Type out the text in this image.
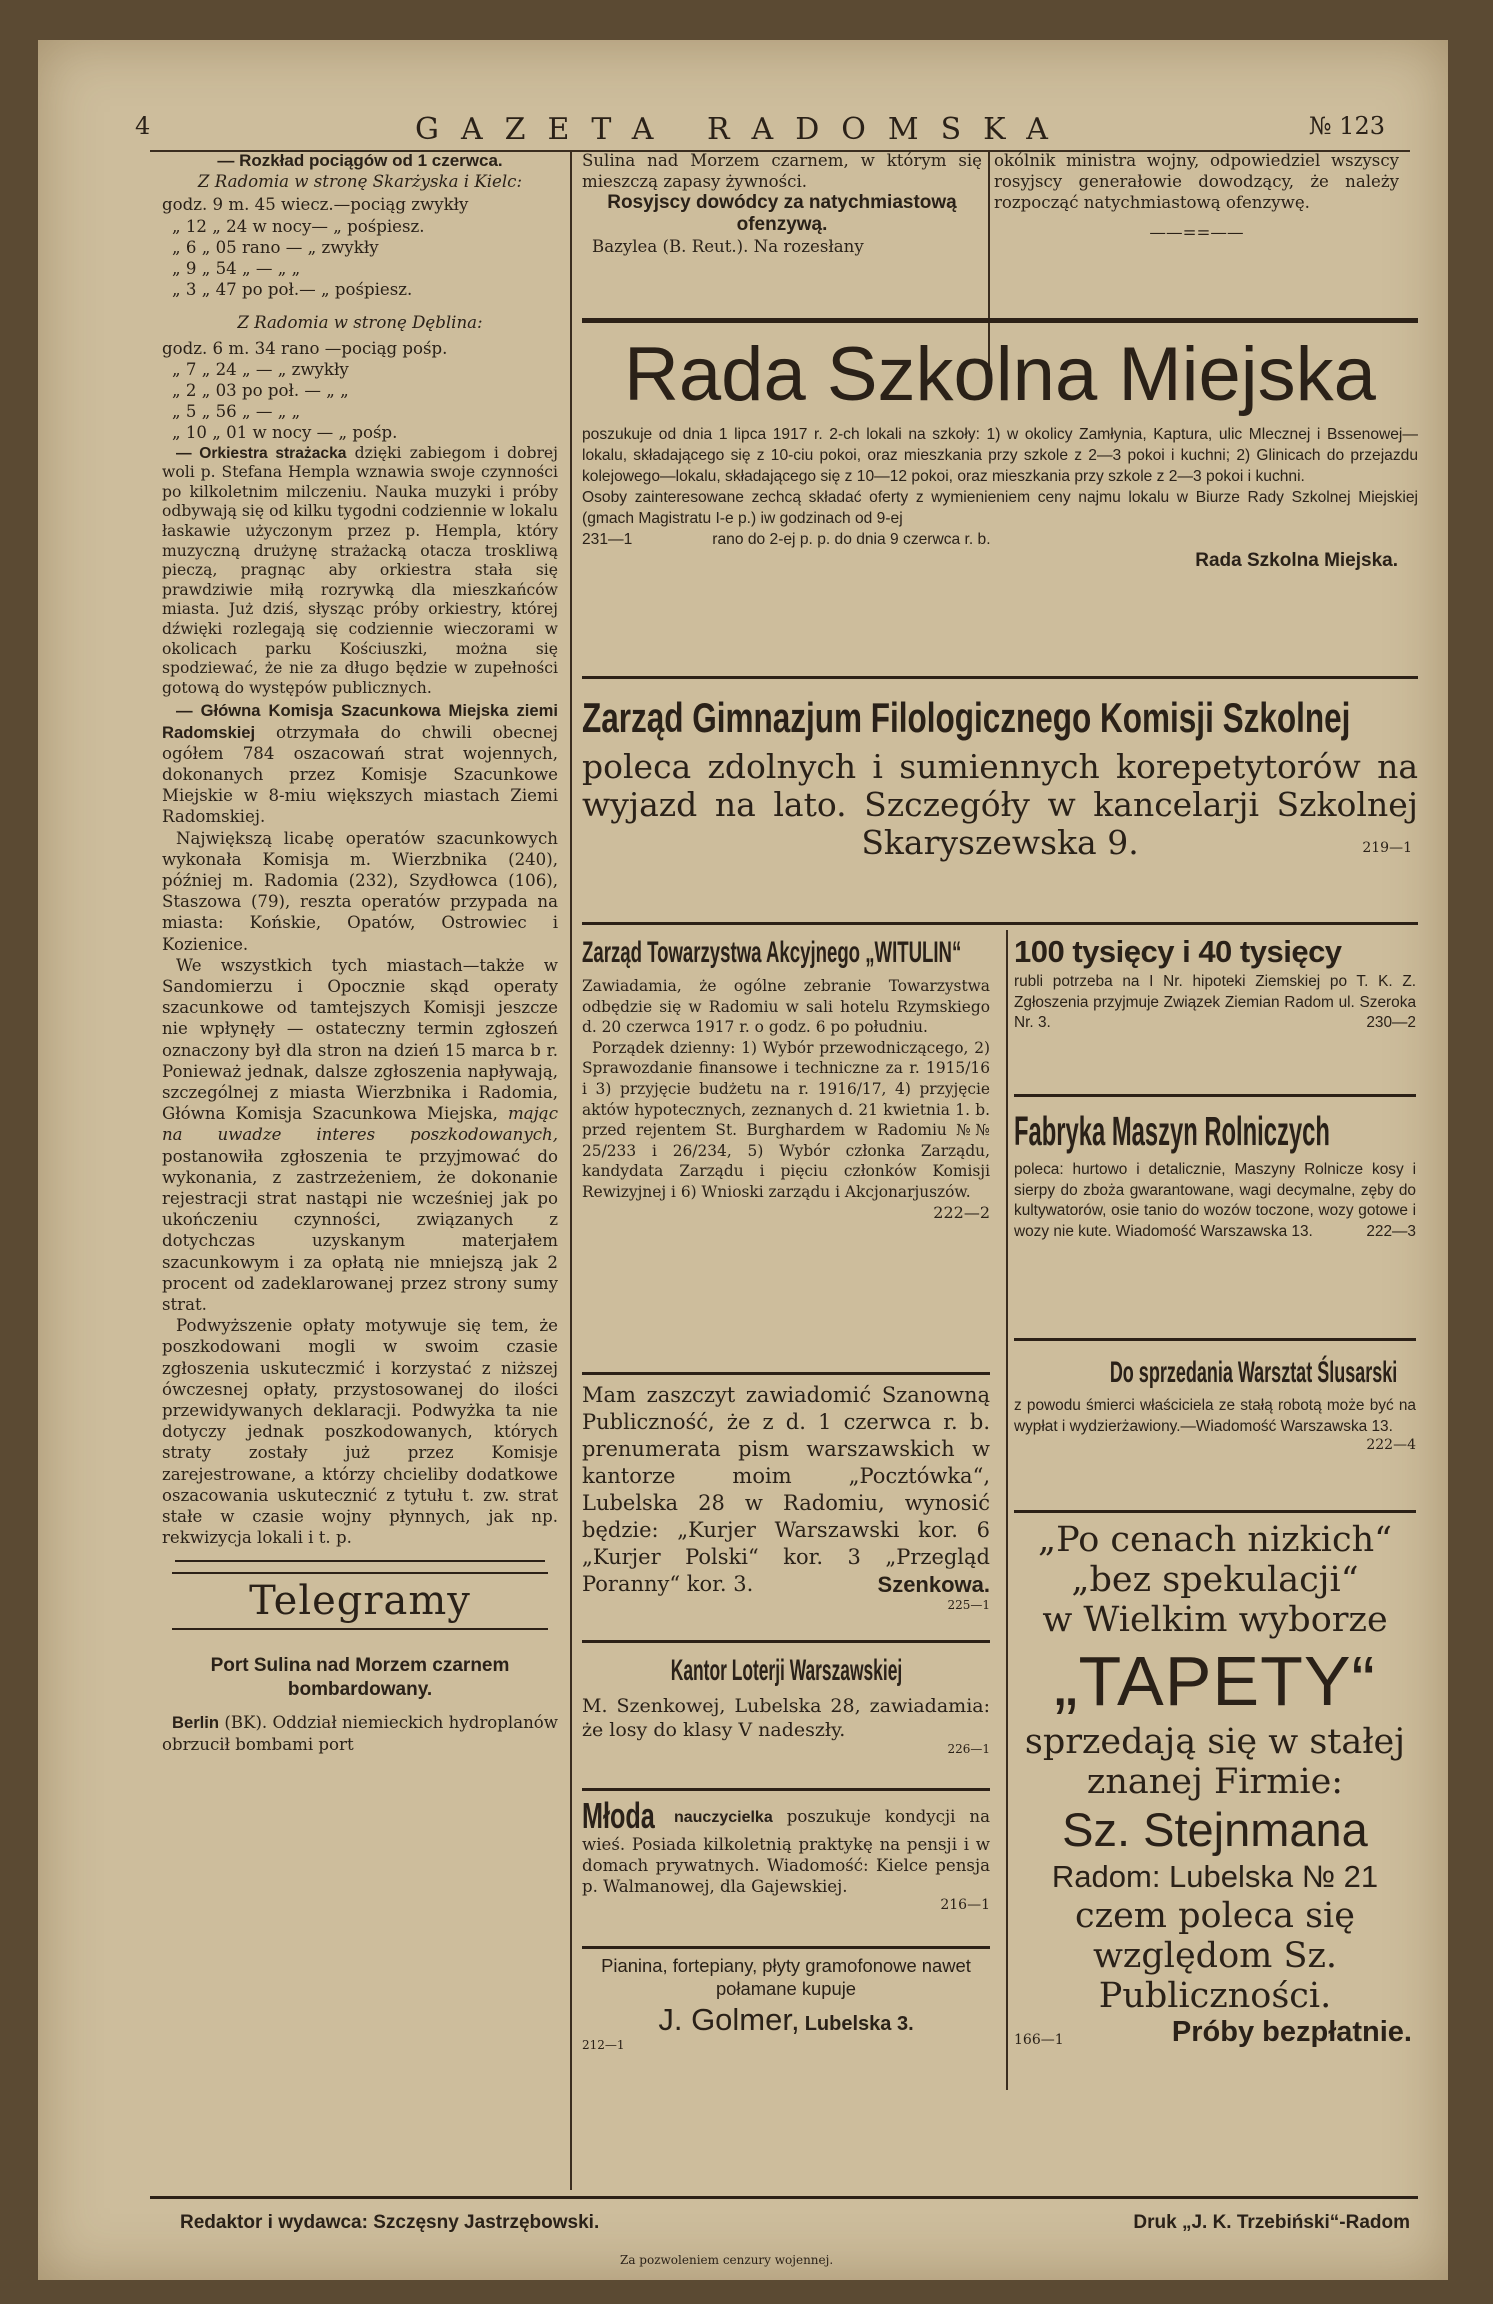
4	GAZETA RADOMSKA	№ 123

— Rozkład pociągów od 1 czerwca.

Z Radomia w stronę Skarżyska i Kielc:

godz. 9 m. 45 wiecz.—pociąg zwykły

„ 12 „ 24 w nocy— „ pośpiesz.

„ 6 „ 05 rano — „ zwykły

„ 9 „ 54 „ — „ „

„ 3 „ 47 po poł.— „ pośpiesz.

Z Radomia w stronę Dęblina:

godz. 6 m. 34 rano —pociąg pośp.

„ 7 „ 24 „ — „ zwykły

„ 2 „ 03 po poł. — „ „

„ 5 „ 56 „ — „ „

„ 10 „ 01 w nocy — „ pośp.

— Orkiestra strażacka dzięki zabiegom i dobrej woli p. Stefana Hempla wznawia swoje czynności po kilkoletnim milczeniu. Nauka muzyki i próby odbywają się od kilku tygodni codziennie w lokalu łaskawie użyczonym przez p. Hempla, który muzyczną drużynę strażacką otacza troskliwą pieczą, pragnąc aby orkiestra stała się prawdziwie miłą rozrywką dla mieszkańców miasta. Już dziś, słysząc próby orkiestry, której dźwięki rozlegają się codziennie wieczorami w okolicach parku Kościuszki, można się spodziewać, że nie za długo będzie w zupełności gotową do występów publicznych.

— Główna Komisja Szacunkowa Miejska ziemi Radomskiej otrzymała do chwili obecnej ogółem 784 oszacowań strat wojennych, dokonanych przez Komisje Szacunkowe Miejskie w 8-miu większych miastach Ziemi Radomskiej.

Największą licabę operatów szacunkowych wykonała Komisja m. Wierzbnika (240), później m. Radomia (232), Szydłowca (106), Staszowa (79), reszta operatów przypada na miasta: Końskie, Opatów, Ostrowiec i Kozienice.

We wszystkich tych miastach—także w Sandomierzu i Opocznie skąd operaty szacunkowe od tamtejszych Komisji jeszcze nie wpłynęły — ostateczny termin zgłoszeń oznaczony był dla stron na dzień 15 marca b r. Ponieważ jednak, dalsze zgłoszenia napływają, szczególnej z miasta Wierzbnika i Radomia, Główna Komisja Szacunkowa Miejska, mając na uwadze interes poszkodowanych, postanowiła zgłoszenia te przyjmować do wykonania, z zastrzeżeniem, że dokonanie rejestracji strat nastąpi nie wcześniej jak po ukończeniu czynności, związanych z dotychczas uzyskanym materjałem szacunkowym i za opłatą nie mniejszą jak 2 procent od zadeklarowanej przez strony sumy strat.

Podwyższenie opłaty motywuje się tem, że poszkodowani mogli w swoim czasie zgłoszenia uskuteczmić i korzystać z niższej ówczesnej opłaty, przystosowanej do ilości przewidywanych deklaracji. Podwyżka ta nie dotyczy jednak poszkodowanych, których straty zostały już przez Komisje zarejestrowane, a którzy chcieliby dodatkowe oszacowania uskutecznić z tytułu t. zw. strat stałe w czasie wojny płynnych, jak np. rekwizycja lokali i t. p.

Telegramy

Port Sulina nad Morzem czarnem bombardowany.

Berlin (BK). Oddział niemieckich hydroplanów obrzucił bombami port

Sulina nad Morzem czarnem, w którym się mieszczą zapasy żywności.

Rosyjscy dowódcy za natychmiastową ofenzywą.

Bazylea (B. Reut.). Na rozesłany

okólnik ministra wojny, odpowiedziel wszyscy rosyjscy generałowie dowodzący, że należy rozpocząć natychmiastową ofenzywę.

——==——

Rada Szkolna Miejska

poszukuje od dnia 1 lipca 1917 r. 2-ch lokali na szkoły: 1) w okolicy Zamłynia, Kaptura, ulic Mlecznej i Bssenowej—lokalu, składającego się z 10-ciu pokoi, oraz mieszkania przy szkole z 2—3 pokoi i kuchni; 2) Glinicach do przejazdu kolejowego—lokalu, składającego się z 10—12 pokoi, oraz mieszkania przy szkole z 2—3 pokoi i kuchni.

Osoby zainteresowane zechcą składać oferty z wymienieniem ceny najmu lokalu w Biurze Rady Szkolnej Miejskiej (gmach Magistratu I-e p.) iw godzinach od 9-ej

231—1	rano do 2-ej p. p. do dnia 9 czerwca r. b.

Rada Szkolna Miejska.

Zarząd Gimnazjum Filologicznego Komisji Szkolnej

poleca zdolnych i sumiennych korepetytorów na

wyjazd na lato. Szczegóły w kancelarji Szkolnej

Skaryszewska 9.	219—1
Zarząd Towarzystwa Akcyjnego „WITULIN“

Zawiadamia, że ogólne zebranie Towarzystwa odbędzie się w Radomiu w sali hotelu Rzymskiego d. 20 czerwca 1917 r. o godz. 6 po południu.

Porządek dzienny: 1) Wybór przewodniczącego, 2) Sprawozdanie finansowe i techniczne za r. 1915/16 i 3) przyjęcie budżetu na r. 1916/17, 4) przyjęcie aktów hypotecznych, zeznanych d. 21 kwietnia 1. b. przed rejentem St. Burghardem w Radomiu №№ 25/233 i 26/234, 5) Wybór członka Zarządu, kandydata Zarządu i pięciu członków Komisji Rewizyjnej i 6) Wnioski zarządu i Akcjonarjuszów.

222—2

100 tysięcy i 40 tysięcy

rubli potrzeba na I Nr. hipoteki Ziemskiej po T. K. Z. Zgłoszenia przyjmuje Związek Ziemian Radom ul. Szeroka Nr. 3.	230—2

Fabryka Maszyn Rolniczych

poleca: hurtowo i detalicznie, Maszyny Rolnicze kosy i sierpy do zboża gwarantowane, wagi decymalne, zęby do kultywatorów, osie tanio do wozów toczone, wozy gotowe i wozy nie kute. Wiadomość Warszawska 13.	222—3

Do sprzedania Warsztat Ślusarski

z powodu śmierci właściciela ze stałą robotą może być na wypłat i wydzierżawiony.—Wiadomość Warszawska 13.

222—4

„Po cenach nizkich“

„bez spekulacji“

w Wielkim wyborze

„TAPETY“

sprzedają się w stałej

znanej Firmie:

Sz. Stejnmana

Radom: Lubelska № 21

czem poleca się względom Sz. Publiczności.

166—1	Próby bezpłatnie.

Mam zaszczyt zawiadomić Szanowną Publiczność, że z d. 1 czerwca r. b. prenumerata pism warszawskich w kantorze moim „Pocztówka“, Lubelska 28 w Radomiu, wynosić będzie: „Kurjer Warszawski kor. 6 „Kurjer Polski“ kor. 3 „Przegląd Poranny“ kor. 3.	Szenkowa.

225—1

Kantor Loterji Warszawskiej

M. Szenkowej, Lubelska 28, zawiadamia: że losy do klasy V nadeszły.

226—1

Młoda nauczycielka poszukuje kondycji na wieś. Posiada kilkoletnią praktykę na pensji i w domach prywatnych. Wiadomość: Kielce pensja p. Walmanowej, dla Gajewskiej.

216—1

Pianina, fortepiany, płyty gramofonowe nawet połamane kupuje

J. Golmer, Lubelska 3.

212—1

Redaktor i wydawca: Szczęsny Jastrzębowski.	Druk „J. K. Trzebiński“-Radom
Za pozwoleniem cenzury wojennej.
